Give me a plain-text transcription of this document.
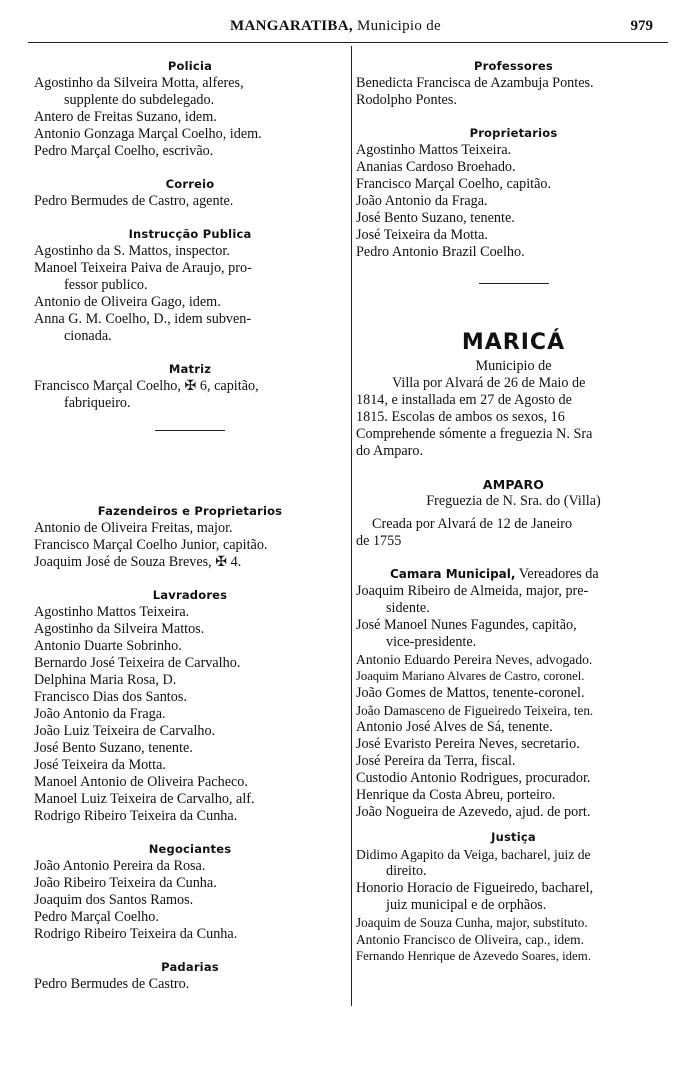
MANGARATIBA, Municipio de	979
Policia
Agostinho da Silveira Motta, alferes,
supplente do subdelegado.
Antero de Freitas Suzano, idem.
Antonio Gonzaga Marçal Coelho, idem.
Pedro Marçal Coelho, escrivão.
Correio
Pedro Bermudes de Castro, agente.
Instrucção Publica
Agostinho da S. Mattos, inspector.
Manoel Teixeira Paiva de Araujo, pro-
fessor publico.
Antonio de Oliveira Gago, idem.
Anna G. M. Coelho, D., idem subven-
cionada.
Matriz
Francisco Marçal Coelho, ✠ 6, capitão,
fabriqueiro.
Fazendeiros e Proprietarios
Antonio de Oliveira Freitas, major.
Francisco Marçal Coelho Junior, capitão.
Joaquim José de Souza Breves, ✠ 4.
Lavradores
Agostinho Mattos Teixeira.
Agostinho da Silveira Mattos.
Antonio Duarte Sobrinho.
Bernardo José Teixeira de Carvalho.
Delphina Maria Rosa, D.
Francisco Dias dos Santos.
João Antonio da Fraga.
João Luiz Teixeira de Carvalho.
José Bento Suzano, tenente.
José Teixeira da Motta.
Manoel Antonio de Oliveira Pacheco.
Manoel Luiz Teixeira de Carvalho, alf.
Rodrigo Ribeiro Teixeira da Cunha.
Negociantes
João Antonio Pereira da Rosa.
João Ribeiro Teixeira da Cunha.
Joaquim dos Santos Ramos.
Pedro Marçal Coelho.
Rodrigo Ribeiro Teixeira da Cunha.
Padarias
Pedro Bermudes de Castro.
Professores
Benedicta Francisca de Azambuja Pontes.
Rodolpho Pontes.
Proprietarios
Agostinho Mattos Teixeira.
Ananias Cardoso Broehado.
Francisco Marçal Coelho, capitão.
João Antonio da Fraga.
José Bento Suzano, tenente.
José Teixeira da Motta.
Pedro Antonio Brazil Coelho.
MARICÁ
Municipio de
Villa por Alvará de 26 de Maio de
1814, e installada em 27 de Agosto de
1815. Escolas de ambos os sexos, 16
Comprehende sómente a freguezia N. Sra
do Amparo.
AMPARO
Freguezia de N. Sra. do (Villa)
Creada por Alvará de 12 de Janeiro
de 1755
Camara Municipal, Vereadores da
Joaquim Ribeiro de Almeida, major, pre-
sidente.
José Manoel Nunes Fagundes, capitão,
vice-presidente.
Antonio Eduardo Pereira Neves, advogado.
Joaquim Mariano Alvares de Castro, coronel.
João Gomes de Mattos, tenente-coronel.
João Damasceno de Figueiredo Teixeira, ten.
Antonio José Alves de Sá, tenente.
José Evaristo Pereira Neves, secretario.
José Pereira da Terra, fiscal.
Custodio Antonio Rodrigues, procurador.
Henrique da Costa Abreu, porteiro.
João Nogueira de Azevedo, ajud. de port.
Justiça
Didimo Agapito da Veiga, bacharel, juiz de
direito.
Honorio Horacio de Figueiredo, bacharel,
juiz municipal e de orphãos.
Joaquim de Souza Cunha, major, substituto.
Antonio Francisco de Oliveira, cap., idem.
Fernando Henrique de Azevedo Soares, idem.
